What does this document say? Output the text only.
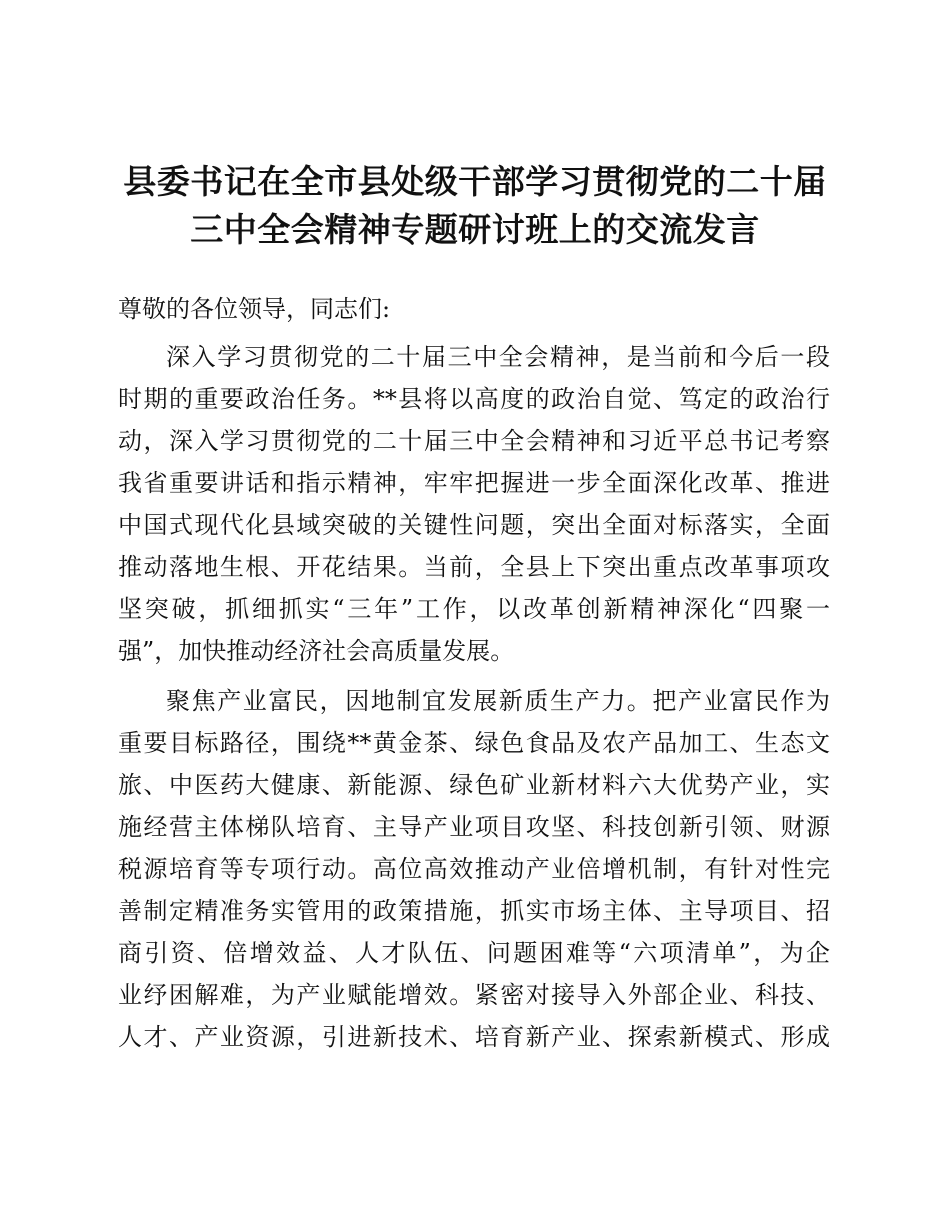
县委书记在全市县处级干部学习贯彻党的二十届
三中全会精神专题研讨班上的交流发言
尊敬的各位领导，同志们:
深入学习贯彻党的二十届三中全会精神，是当前和今后一段
时期的重要政治任务。**县将以高度的政治自觉、笃定的政治行
动，深入学习贯彻党的二十届三中全会精神和习近平总书记考察
我省重要讲话和指示精神，牢牢把握进一步全面深化改革、推进
中国式现代化县域突破的关键性问题，突出全面对标落实，全面
推动落地生根、开花结果。当前，全县上下突出重点改革事项攻
坚突破，抓细抓实“三年”工作，以改革创新精神深化“四聚一
强”，加快推动经济社会高质量发展。
聚焦产业富民，因地制宜发展新质生产力。把产业富民作为
重要目标路径，围绕**黄金茶、绿色食品及农产品加工、生态文
旅、中医药大健康、新能源、绿色矿业新材料六大优势产业，实
施经营主体梯队培育、主导产业项目攻坚、科技创新引领、财源
税源培育等专项行动。高位高效推动产业倍增机制，有针对性完
善制定精准务实管用的政策措施，抓实市场主体、主导项目、招
商引资、倍增效益、人才队伍、问题困难等“六项清单”，为企
业纾困解难，为产业赋能增效。紧密对接导入外部企业、科技、
人才、产业资源，引进新技术、培育新产业、探索新模式、形成
